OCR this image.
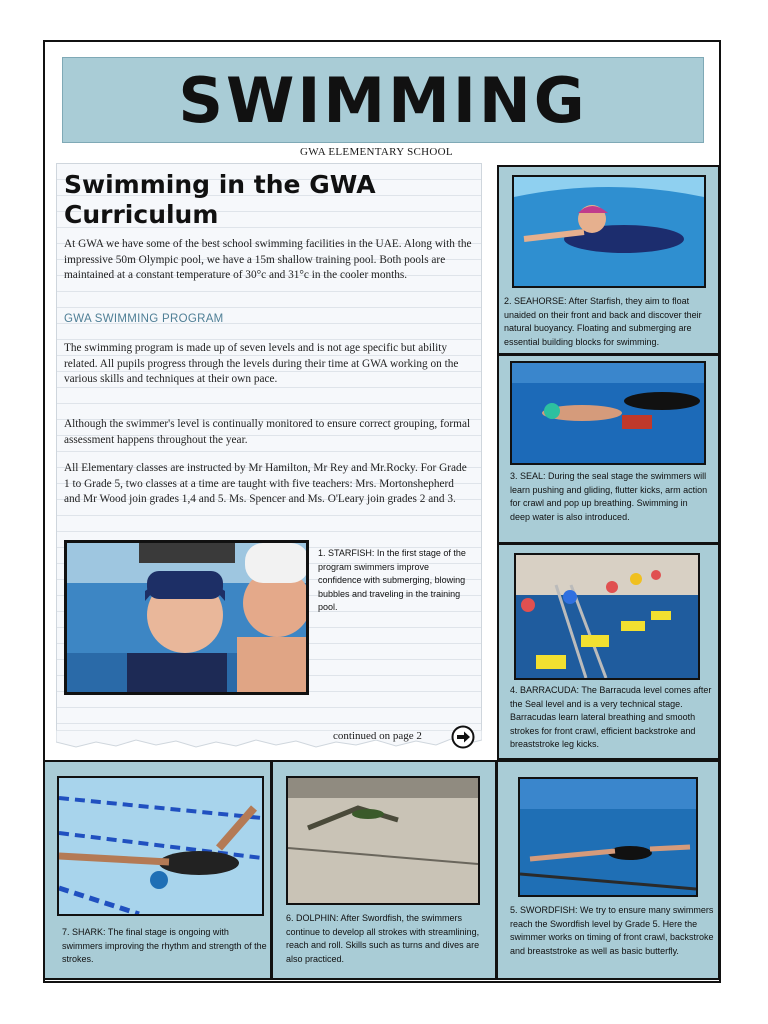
SWIMMING
GWA ELEMENTARY SCHOOL
Swimming in the GWA Curriculum
At GWA we have some of the best school swimming facilities in the UAE. Along with the impressive 50m Olympic pool, we have a 15m shallow training pool. Both pools are maintained at a constant temperature of 30°c and 31°c in the cooler months.
GWA SWIMMING PROGRAM
The swimming program is made up of seven levels and is not age specific but ability related. All pupils progress through the levels during their time at GWA working on the various skills and techniques at their own pace.
Although the swimmer's level is continually monitored to ensure correct grouping, formal assessment happens throughout the year.
All Elementary classes are instructed by Mr Hamilton, Mr Rey and Mr.Rocky. For Grade 1 to Grade 5, two classes at a time are taught with five teachers: Mrs. Mortonshepherd and Mr Wood join grades 1,4 and 5. Ms. Spencer and Ms. O'Leary join grades 2 and 3.
1. STARFISH: In the first stage of the program swimmers improve confidence with submerging, blowing bubbles and traveling in the training pool.
continued on page 2
2. SEAHORSE: After Starfish, they aim to float unaided on their front and back and discover their natural buoyancy. Floating and submerging are essential building blocks for swimming.
3. SEAL: During the seal stage the swimmers will learn pushing and gliding, flutter kicks, arm action for crawl and pop up breathing. Swimming in deep water is also introduced.
4. BARRACUDA: The Barracuda level comes after the Seal level and is a very technical stage. Barracudas learn lateral breathing and smooth strokes for front crawl, efficient backstroke and breaststroke leg kicks.
7. SHARK: The final stage is ongoing with swimmers improving the rhythm and strength of the strokes.
6. DOLPHIN: After Swordfish, the swimmers continue to develop all strokes with streamlining, reach and roll. Skills such as turns and dives are also practiced.
5. SWORDFISH: We try to ensure many swimmers reach the Swordfish level by Grade 5. Here the swimmer works on timing of front crawl, backstroke and breaststroke as well as basic butterfly.
